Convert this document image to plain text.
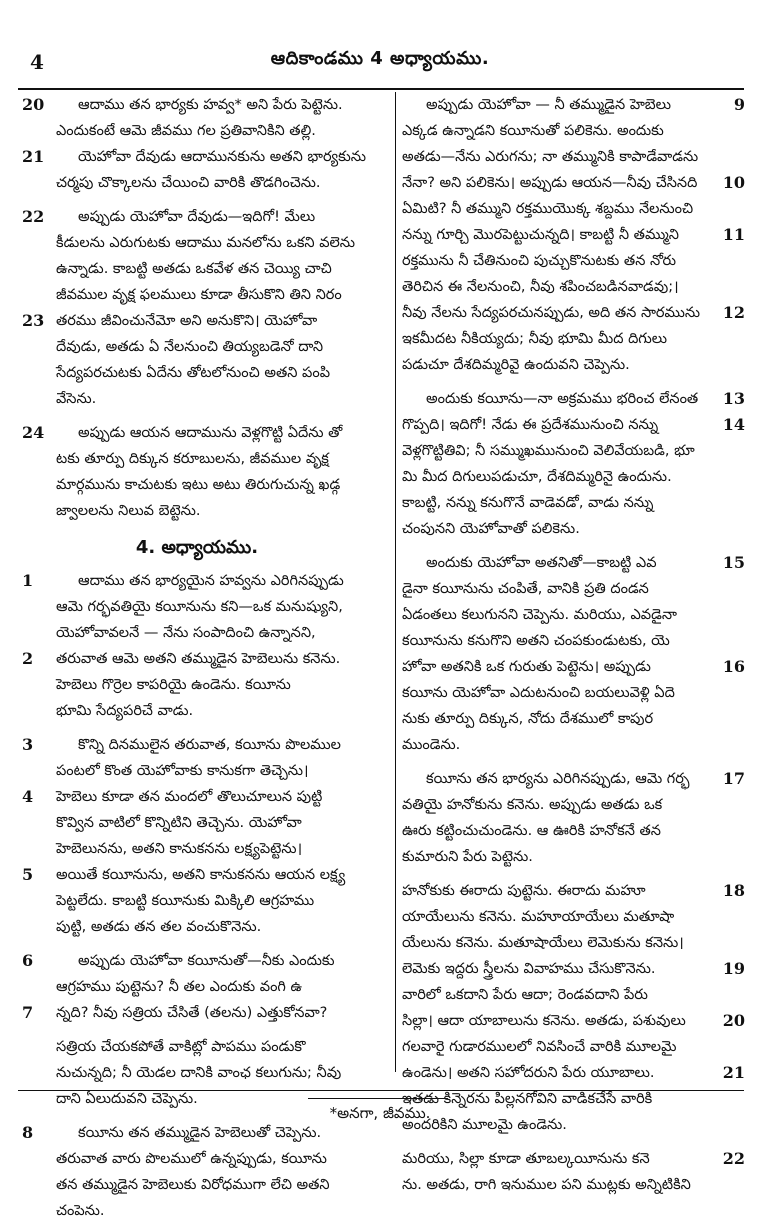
4	ఆదికాండము 4 అధ్యాయము.
20 ఆదాము తన భార్యకు హవ్వ* అని పేరు పెట్టెను.
ఎందుకంటే ఆమె జీవము గల ప్రతివానికిని తల్లి.
21 యెహోవా దేవుడు ఆదామునకును అతని భార్యకును
చర్మపు చొక్కాలను చేయించి వారికి తొడగించెను.
22 అప్పుడు యెహోవా దేవుడు—ఇదిగో! మేలు
కీడులను ఎరుగుటకు ఆదాము మనలోను ఒకని వలెను
ఉన్నాడు. కాబట్టి అతడు ఒకవేళ తన చెయ్యి చాచి
జీవముల వృక్ష ఫలములు కూడా తీసుకొని తిని నిరం
23 తరము జీవించునేమో అని అనుకొని। యెహోవా
దేవుడు, అతడు ఏ నేలనుంచి తియ్యబడెనో దాని
సేద్యపరచుటకు ఏదేను తోటలోనుంచి అతని పంపి
వేసెను.
24 అప్పుడు ఆయన ఆదామును వెళ్లగొట్టి ఏదేను తో
టకు తూర్పు దిక్కున కరూబులను, జీవముల వృక్ష
మార్గమును కాచుటకు ఇటు అటు తిరుగుచున్న ఖడ్గ
జ్వాలలను నిలువ బెట్టెను.
4. అధ్యాయము.
1	ఆదాము తన భార్యయైన హవ్వను ఎరిగినప్పుడు
ఆమె గర్భవతియై కయీనును కని—ఒక మనుష్యుని,
యెహోవావలనే — నేను సంపాదించి ఉన్నానని,
2	తరువాత ఆమె అతని తమ్ముడైన హెబెలును కనెను.
హెబెలు గొర్రెల కాపరియై ఉండెను. కయీను
భూమి సేద్యపరిచే వాడు.
3	కొన్ని దినములైన తరువాత, కయీను పొలముల
పంటలో కొంత యెహోవాకు కానుకగా తెచ్చెను।
4	హెబెలు కూడా తన మందలో తొలుచూలున పుట్టి
కొవ్విన వాటిలో కొన్నిటిని తెచ్చెను. యెహోవా
హెబెలునను, అతని కానుకనను లక్ష్యపెట్టెను।
5	అయితే కయీనును, అతని కానుకనను ఆయన లక్ష్య
పెట్టలేదు. కాబట్టి కయీనుకు మిక్కిలి ఆగ్రహము
పుట్టి, అతడు తన తల వంచుకొనెను.
6	అప్పుడు యెహోవా కయీనుతో—నీకు ఎందుకు
ఆగ్రహము పుట్టెను? నీ తల ఎందుకు వంగి ఉ
7	న్నది? నీవు సత్రియ చేసితే (తలను) ఎత్తుకోనవా?
సత్రియ చేయకపోతే వాకిట్లో పాపము పండుకొ
నుచున్నది; నీ యెడల దానికి వాంఛ కలుగును; నీవు
దాని ఏలుదువని చెప్పెను.
8	కయీను తన తమ్ముడైన హెబెలుతో చెప్పెను.
తరువాత వారు పొలములో ఉన్నప్పుడు, కయీను
తన తమ్ముడైన హెబెలుకు విరోధముగా లేచి అతని
చంపెను.
9
అప్పుడు యెహోవా — నీ తమ్ముడైన హెబెలు
ఎక్కడ ఉన్నాడని కయీనుతో పలికెను. అందుకు
అతడు—నేను ఎరుగను; నా తమ్మునికి కాపాడేవాడను
10
నేనా? అని పలికెను। అప్పుడు ఆయన—నీవు చేసినది
ఏమిటి? నీ తమ్ముని రక్తముయొక్క శబ్దము నేలనుంచి
11
నన్ను గూర్చి మొరపెట్టుచున్నది। కాబట్టి నీ తమ్ముని
రక్తమును నీ చేతినుంచి పుచ్చుకొనుటకు తన నోరు
తెరిచిన ఈ నేలనుంచి, నీవు శపించబడినవాడవు;।
12
నీవు నేలను సేద్యపరచునప్పుడు, అది తన సారమును
ఇకమీదట నీకియ్యదు; నీవు భూమి మీద దిగులు
పడుచూ దేశదిమ్మరివై ఉందువని చెప్పెను.
13
అందుకు కయీను—నా అక్రమము భరించ లేనంత
14
గొప్పది। ఇదిగో! నేడు ఈ ప్రదేశమునుంచి నన్ను
వెళ్లగొట్టితివి; నీ సమ్ముఖమునుంచి వెలివేయబడి, భూ
మి మీద దిగులుపడుచూ, దేశదిమ్మరినై ఉందును.
కాబట్టి, నన్ను కనుగొనే వాడెవడో, వాడు నన్ను
చంపునని యెహోవాతో పలికెను.
15
అందుకు యెహోవా అతనితో—కాబట్టి ఎవ
డైనా కయీనును చంపితే, వానికి ప్రతి దండన
ఏడంతలు కలుగునని చెప్పెను. మరియు, ఎవడైనా
కయీనును కనుగొని అతని చంపకుండుటకు, యె
16
హోవా అతనికి ఒక గురుతు పెట్టెను। అప్పుడు
కయీను యెహోవా ఎదుటనుంచి బయలువెళ్లి ఏదె
నుకు తూర్పు దిక్కున, నోదు దేశములో కాపుర
ముండెను.
17
కయీను తన భార్యను ఎరిగినప్పుడు, ఆమె గర్భ
వతియై హనోకును కనెను. అప్పుడు అతడు ఒక
ఊరు కట్టించుచుండెను. ఆ ఊరికి హనోకనే తన
కుమారుని పేరు పెట్టెను.
18
హనోకుకు ఈరాదు పుట్టెను. ఈరాదు మహూ
యాయేలును కనెను. మహూయాయేలు మతూషా
యేలును కనెను. మతూషాయేలు లెమెకును కనెను।
19
లెమెకు ఇద్దరు స్త్రీలను వివాహము చేసుకొనెను.
వారిలో ఒకదాని పేరు ఆదా; రెండవదాని పేరు
20
సిల్లా। ఆదా యాబాలును కనెను. అతడు, పశువులు
గలవారై గుడారములలో నివసించే వారికి మూలమై
21
ఉండెను। అతని సహోదరుని పేరు యూబాలు.
ఇతడు కిన్నెరను పిల్లనగోవిని వాడికచేసే వారికి
అందరికిని మూలమై ఉండెను.
22
మరియు, సిల్లా కూడా తూబల్కయీనును కనె
ను. అతడు, రాగి ఇనుముల పని ముట్లకు అన్నిటికిని
*అనగా, జీవము.
